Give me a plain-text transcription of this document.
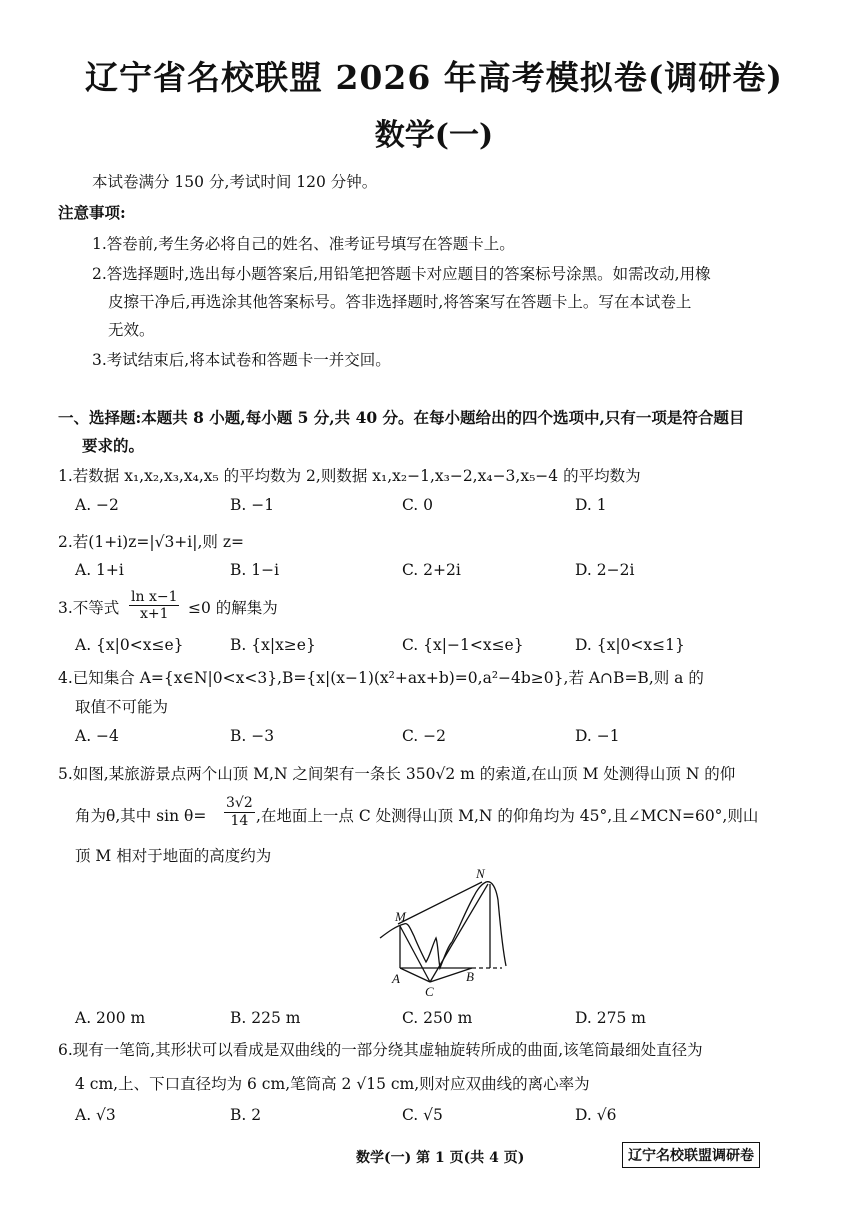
辽宁省名校联盟 2026 年高考模拟卷(调研卷)
数学(一)
本试卷满分 150 分,考试时间 120 分钟。
注意事项:
1.答卷前,考生务必将自己的姓名、准考证号填写在答题卡上。
2.答选择题时,选出每小题答案后,用铅笔把答题卡对应题目的答案标号涂黑。如需改动,用橡
皮擦干净后,再选涂其他答案标号。答非选择题时,将答案写在答题卡上。写在本试卷上
无效。
3.考试结束后,将本试卷和答题卡一并交回。
一、选择题:本题共 8 小题,每小题 5 分,共 40 分。在每小题给出的四个选项中,只有一项是符合题目
要求的。
1.若数据 x₁,x₂,x₃,x₄,x₅ 的平均数为 2,则数据 x₁,x₂−1,x₃−2,x₄−3,x₅−4 的平均数为
A. −2	B. −1	C. 0	D. 1
2.若(1+i)z=|√3+i|,则 z=
A. 1+i	B. 1−i	C. 2+2i	D. 2−2i
3.不等式 $\frac{\text{ln x−1}}{x+1} \le 0$ 的解集为
A. {x|0<x≤e}	B. {x|x≥e}	C. {x|−1<x≤e}	D. {x|0<x≤1}
4.已知集合 A={x∈N|0<x<3},B={x|(x−1)(x²+ax+b)=0,a²−4b≥0},若 A∩B=B,则 a 的
取值不可能为
A. −4	B. −3	C. −2	D. −1
5.如图,某旅游景点两个山顶 M,N 之间架有一条长 350√2 m 的索道,在山顶 M 处测得山顶 N 的仰
角为θ,其中 $\sin \theta= \frac{3√2}{14}$ ,在地面上一点 C 处测得山顶 M,N 的仰角均为 45°,且∠MCN=60°,则山
顶 M 相对于地面的高度约为
M
N
A	B
C
A. 200 m	B. 225 m	C. 250 m	D. 275 m
6.现有一笔筒,其形状可以看成是双曲线的一部分绕其虚轴旋转所成的曲面,该笔筒最细处直径为
4 cm,上、下口直径均为 6 cm,笔筒高 2 √15 cm,则对应双曲线的离心率为
A. √3	B. 2	C. √5	D. √6
数学(一) 第 1 页(共 4 页)	辽宁名校联盟调研卷
